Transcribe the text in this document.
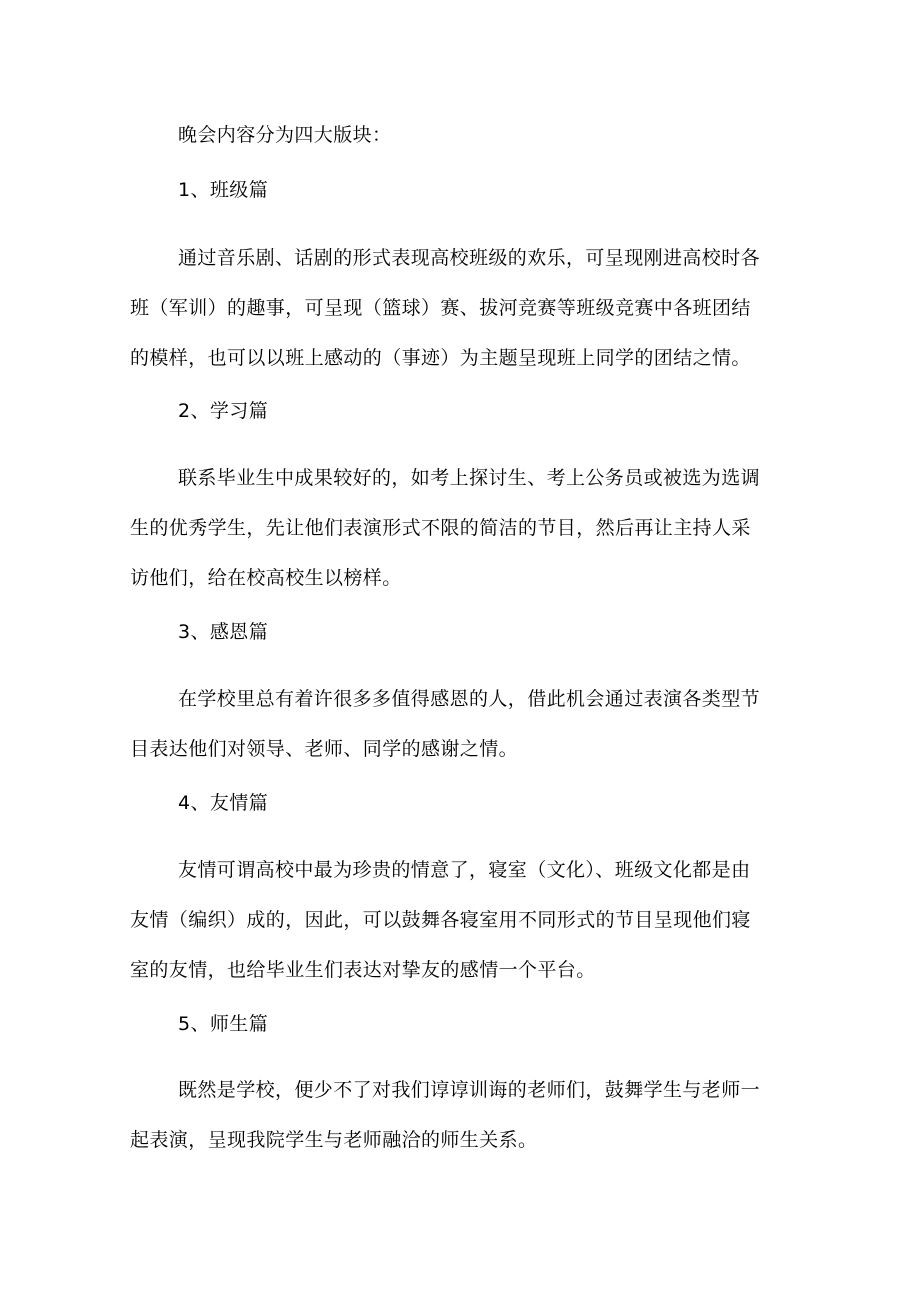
晚会内容分为四大版块：
1、班级篇
通过音乐剧、话剧的形式表现高校班级的欢乐，可呈现刚进高校时各
班（军训）的趣事，可呈现（篮球）赛、拔河竞赛等班级竞赛中各班团结
的模样，也可以以班上感动的（事迹）为主题呈现班上同学的团结之情。
2、学习篇
联系毕业生中成果较好的，如考上探讨生、考上公务员或被选为选调
生的优秀学生，先让他们表演形式不限的简洁的节目，然后再让主持人采
访他们，给在校高校生以榜样。
3、感恩篇
在学校里总有着许很多多值得感恩的人，借此机会通过表演各类型节
目表达他们对领导、老师、同学的感谢之情。
4、友情篇
友情可谓高校中最为珍贵的情意了，寝室（文化）、班级文化都是由
友情（编织）成的，因此，可以鼓舞各寝室用不同形式的节目呈现他们寝
室的友情，也给毕业生们表达对挚友的感情一个平台。
5、师生篇
既然是学校，便少不了对我们谆谆训诲的老师们，鼓舞学生与老师一
起表演，呈现我院学生与老师融洽的师生关系。
